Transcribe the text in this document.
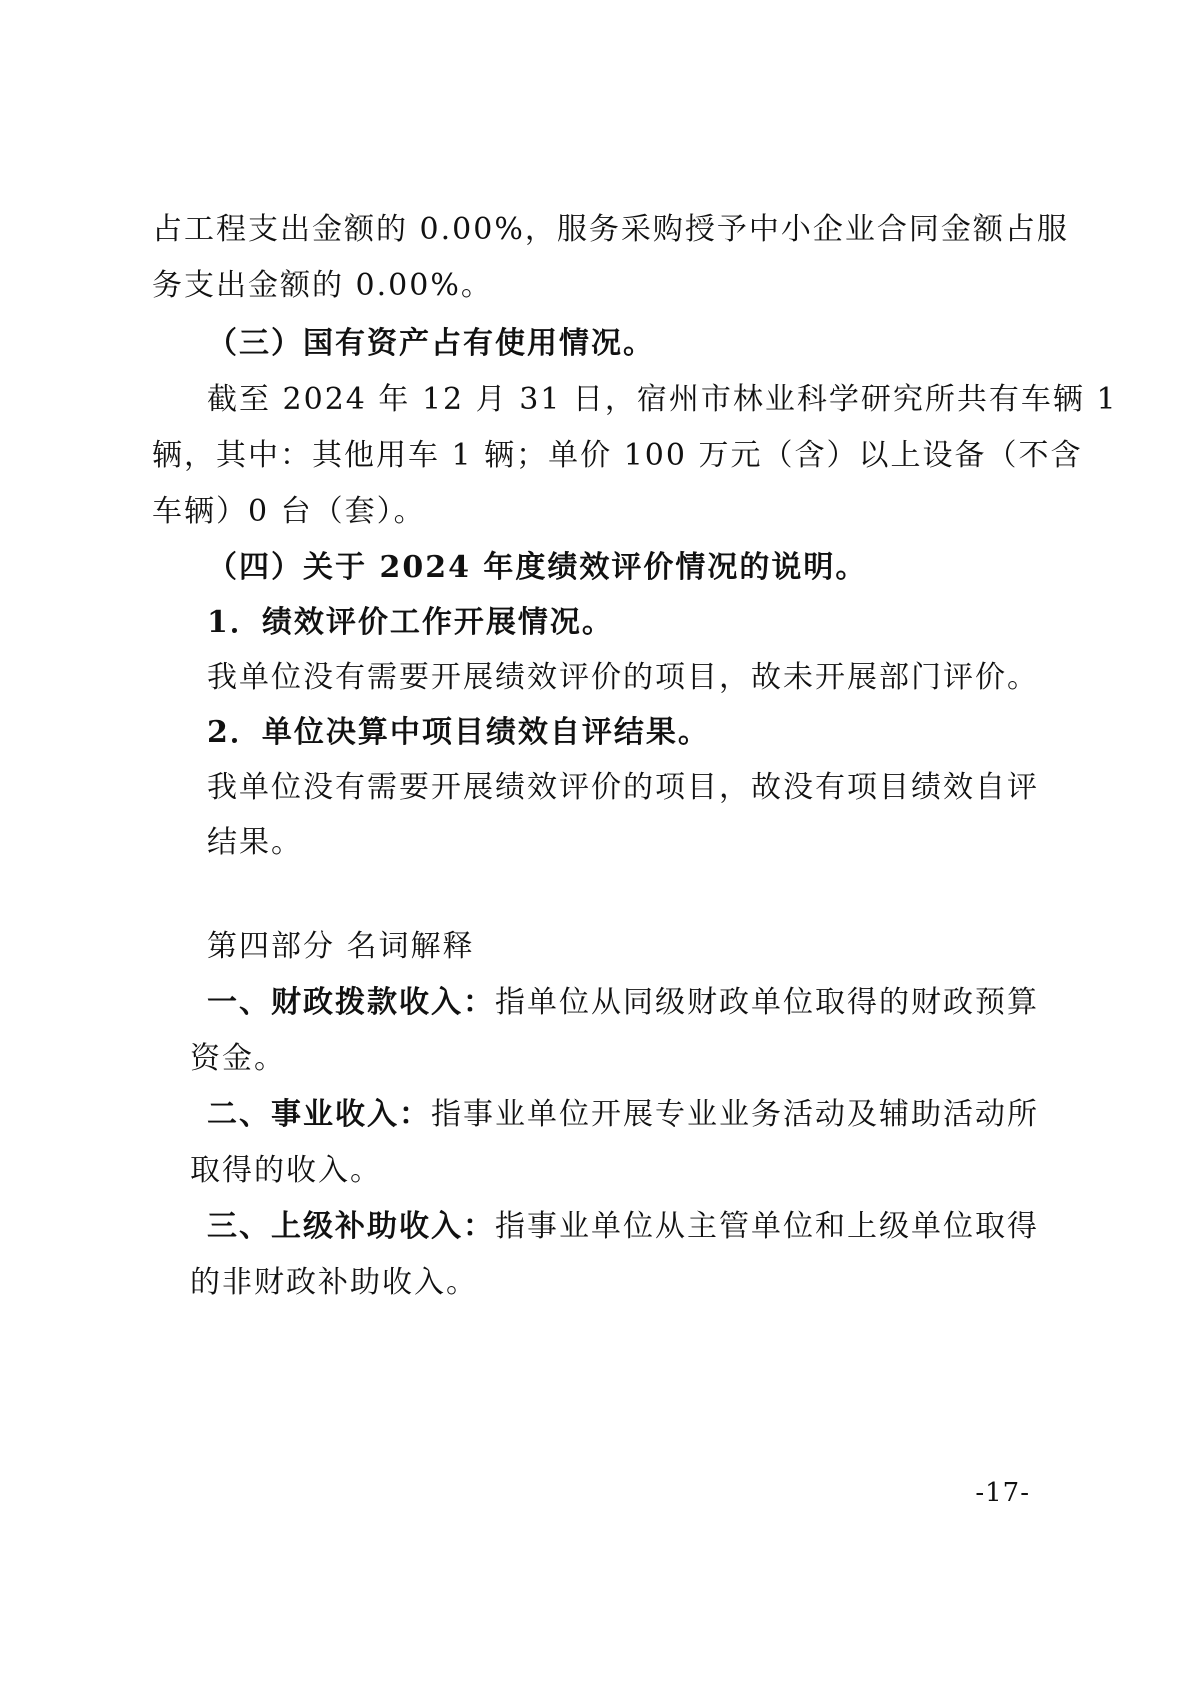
占工程支出金额的 0.00%，服务采购授予中小企业合同金额占服
务支出金额的 0.00%。
（三）国有资产占有使用情况。
截至 2024 年 12 月 31 日，宿州市林业科学研究所共有车辆 1
辆，其中：其他用车 1 辆；单价 100 万元（含）以上设备（不含
车辆）0 台（套）。
（四）关于 2024 年度绩效评价情况的说明。
1．绩效评价工作开展情况。
我单位没有需要开展绩效评价的项目，故未开展部门评价。
2．单位决算中项目绩效自评结果。
我单位没有需要开展绩效评价的项目，故没有项目绩效自评
结果。
第四部分 名词解释
一、财政拨款收入：指单位从同级财政单位取得的财政预算
资金。
二、事业收入：指事业单位开展专业业务活动及辅助活动所
取得的收入。
三、上级补助收入：指事业单位从主管单位和上级单位取得
的非财政补助收入。
-17-
